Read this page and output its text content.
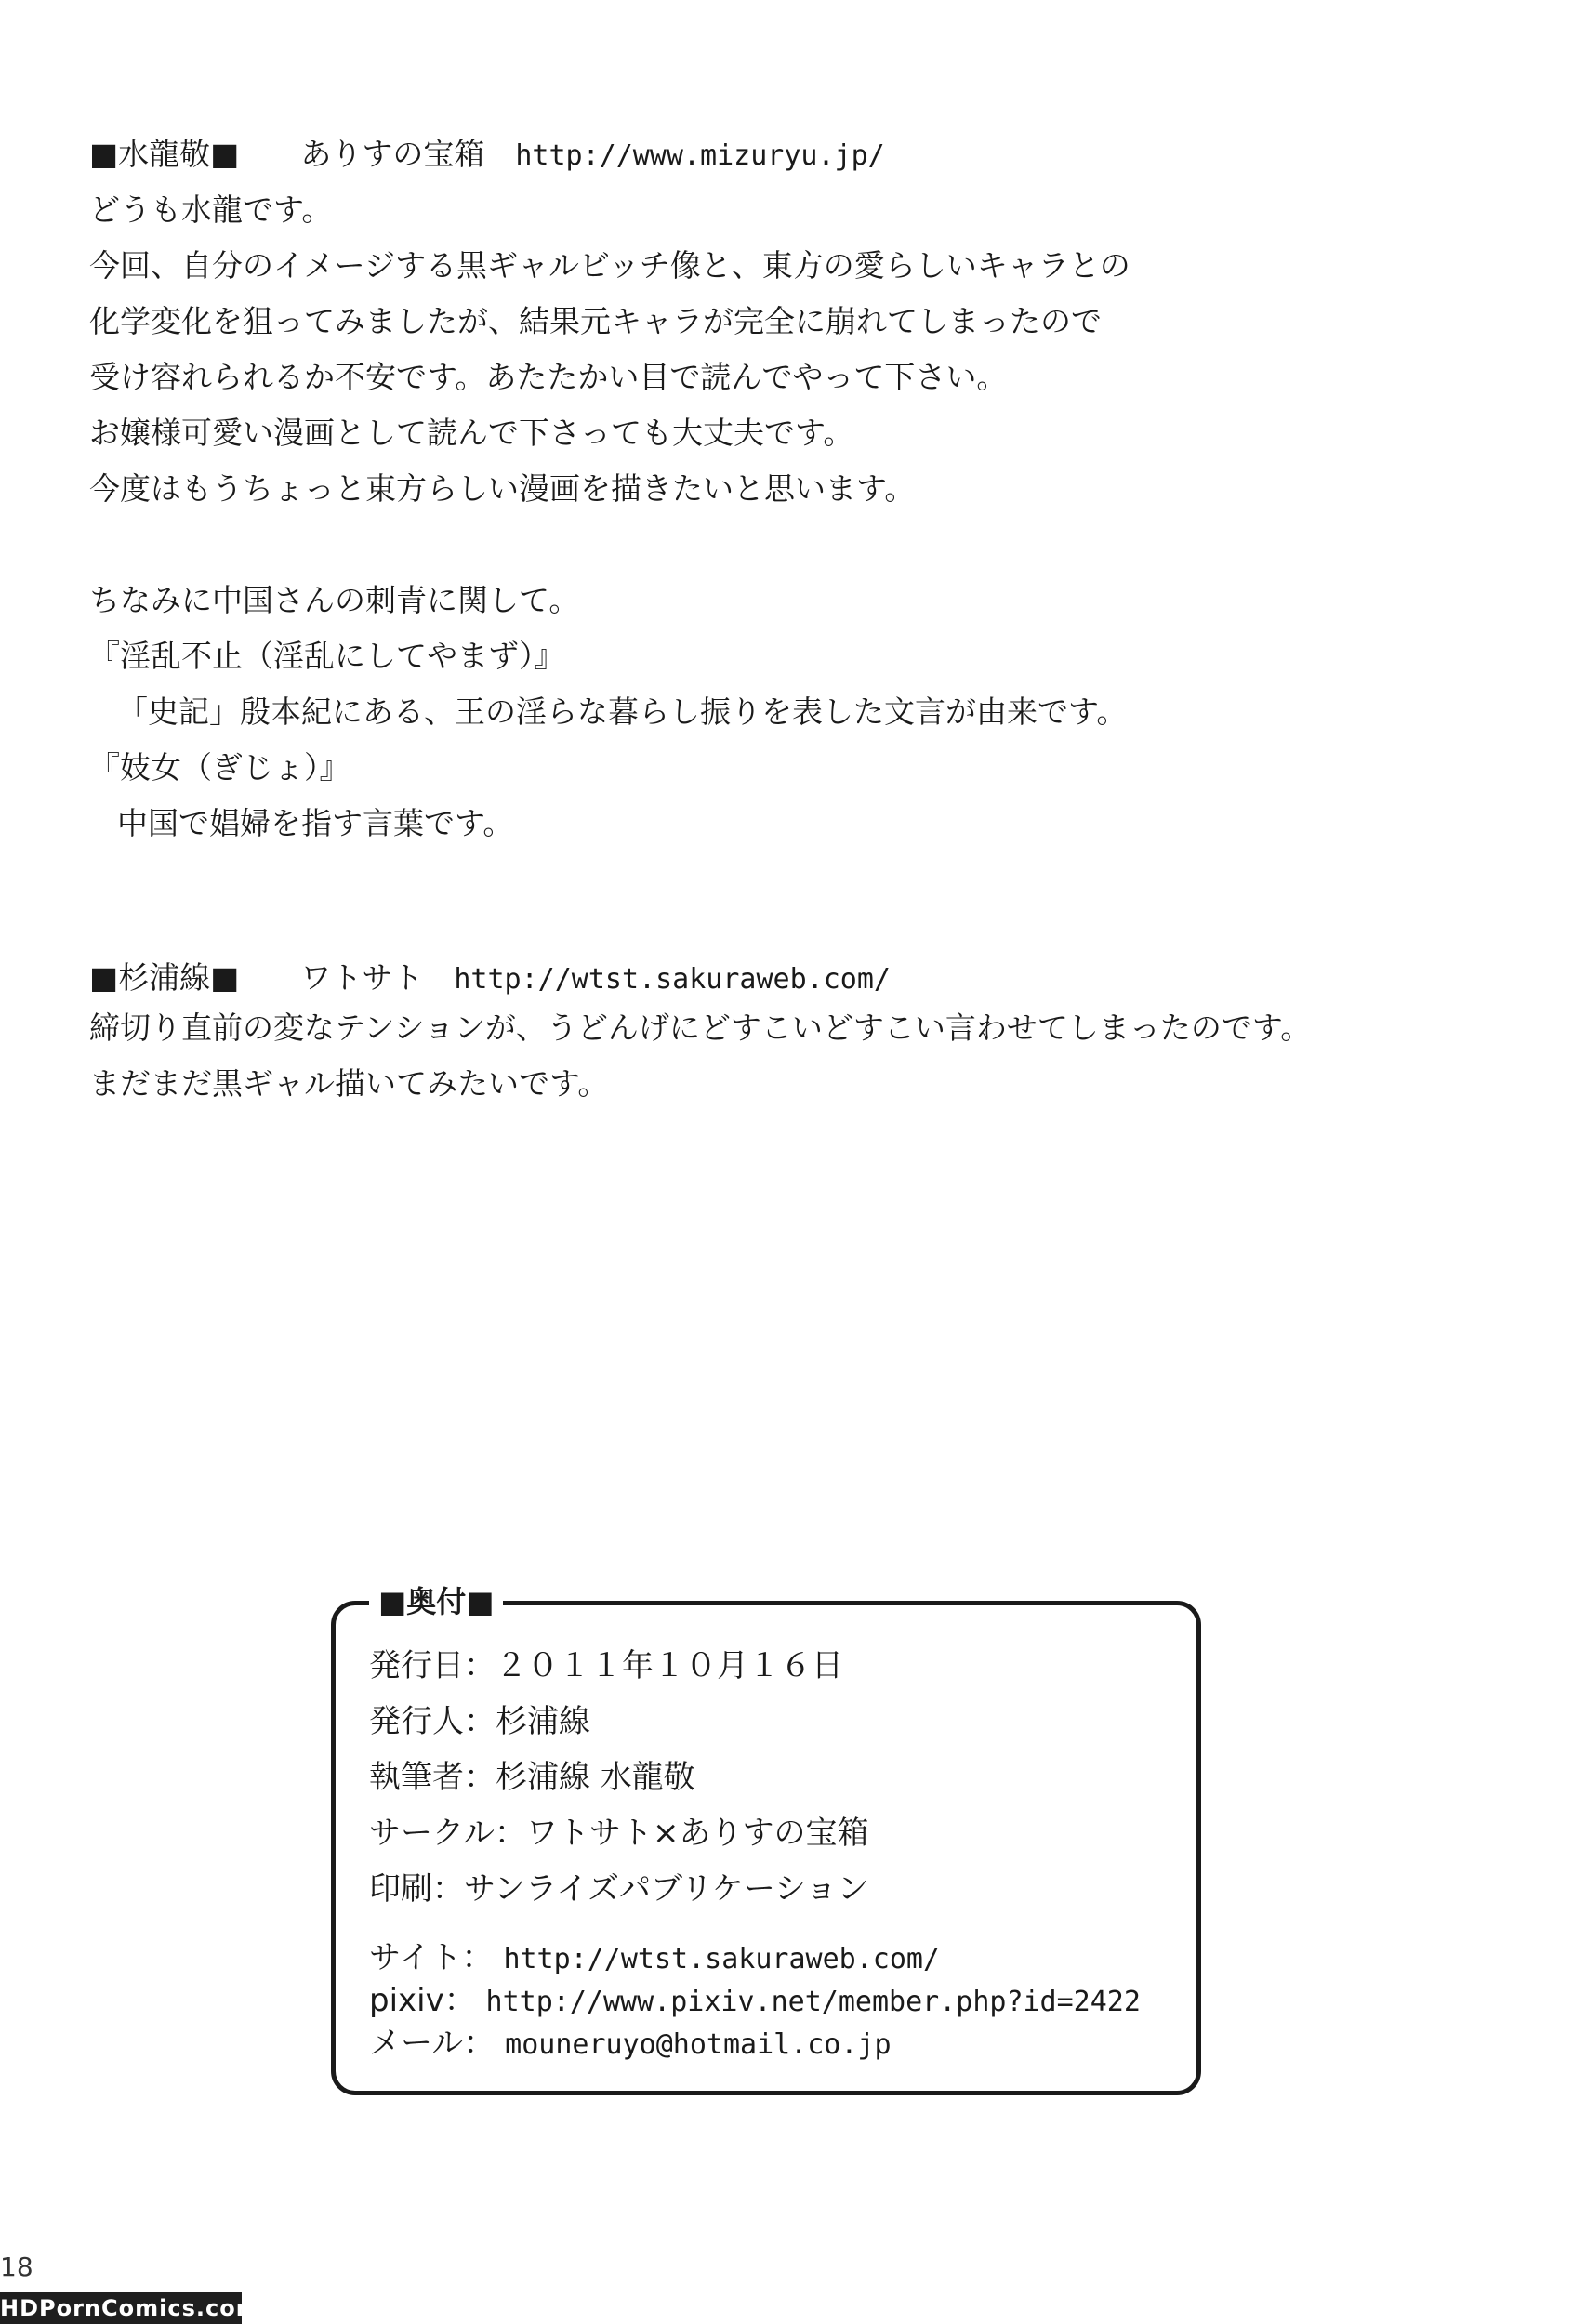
■水龍敬■　　 ありすの宝箱　 http://www.mizuryu.jp/
どうも水龍です。
今回、自分のイメージする黒ギャルビッチ像と、東方の愛らしいキャラとの
化学変化を狙ってみましたが、結果元キャラが完全に崩れてしまったので
受け容れられるか不安です。あたたかい目で読んでやって下さい。
お嬢様可愛い漫画として読んで下さっても大丈夫です。
今度はもうちょっと東方らしい漫画を描きたいと思います。
ちなみに中国さんの刺青に関して。
『淫乱不止（淫乱にしてやまず）』
「史記」殷本紀にある、王の淫らな暮らし振りを表した文言が由来です。
『妓女（ぎじょ）』
中国で娼婦を指す言葉です。
■杉浦線■　　 ワトサト　 http://wtst.sakuraweb.com/
締切り直前の変なテンションが、うどんげにどすこいどすこい言わせてしまったのです。
まだまだ黒ギャル描いてみたいです。
■奥付■
発行日：２０１１年１０月１６日
発行人：杉浦線
執筆者：杉浦線 水龍敬
サークル：ワトサト×ありすの宝箱
印刷：サンライズパブリケーション
サイト： http://wtst.sakuraweb.com/
pixiv： http://www.pixiv.net/member.php?id=2422
メール： mouneruyo@hotmail.co.jp
18
HDPornComics.com
